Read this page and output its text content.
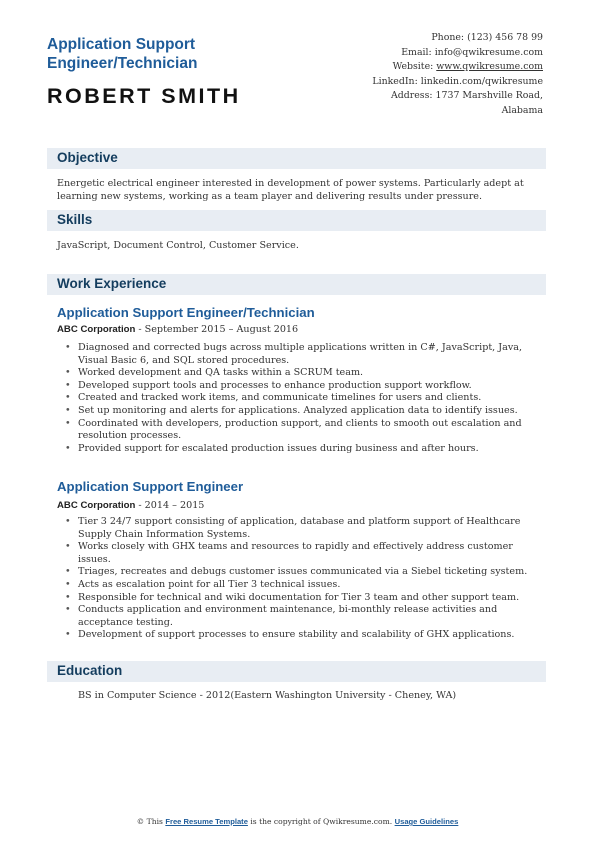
Application Support Engineer/Technician
ROBERT SMITH
Phone: (123) 456 78 99
Email: info@qwikresume.com
Website: www.qwikresume.com
LinkedIn: linkedin.com/qwikresume
Address: 1737 Marshville Road,
Alabama
Objective
Energetic electrical engineer interested in development of power systems. Particularly adept at learning new systems, working as a team player and delivering results under pressure.
Skills
JavaScript, Document Control, Customer Service.
Work Experience
Application Support Engineer/Technician
ABC Corporation - September 2015 – August 2016
• Diagnosed and corrected bugs across multiple applications written in C#, JavaScript, Java, Visual Basic 6, and SQL stored procedures.
• Worked development and QA tasks within a SCRUM team.
• Developed support tools and processes to enhance production support workflow.
• Created and tracked work items, and communicate timelines for users and clients.
• Set up monitoring and alerts for applications. Analyzed application data to identify issues.
• Coordinated with developers, production support, and clients to smooth out escalation and resolution processes.
• Provided support for escalated production issues during business and after hours.
Application Support Engineer
ABC Corporation - 2014 – 2015
• Tier 3 24/7 support consisting of application, database and platform support of Healthcare Supply Chain Information Systems.
• Works closely with GHX teams and resources to rapidly and effectively address customer issues.
• Triages, recreates and debugs customer issues communicated via a Siebel ticketing system.
• Acts as escalation point for all Tier 3 technical issues.
• Responsible for technical and wiki documentation for Tier 3 team and other support team.
• Conducts application and environment maintenance, bi-monthly release activities and acceptance testing.
• Development of support processes to ensure stability and scalability of GHX applications.
Education
BS in Computer Science - 2012(Eastern Washington University - Cheney, WA)
© This Free Resume Template is the copyright of Qwikresume.com. Usage Guidelines
